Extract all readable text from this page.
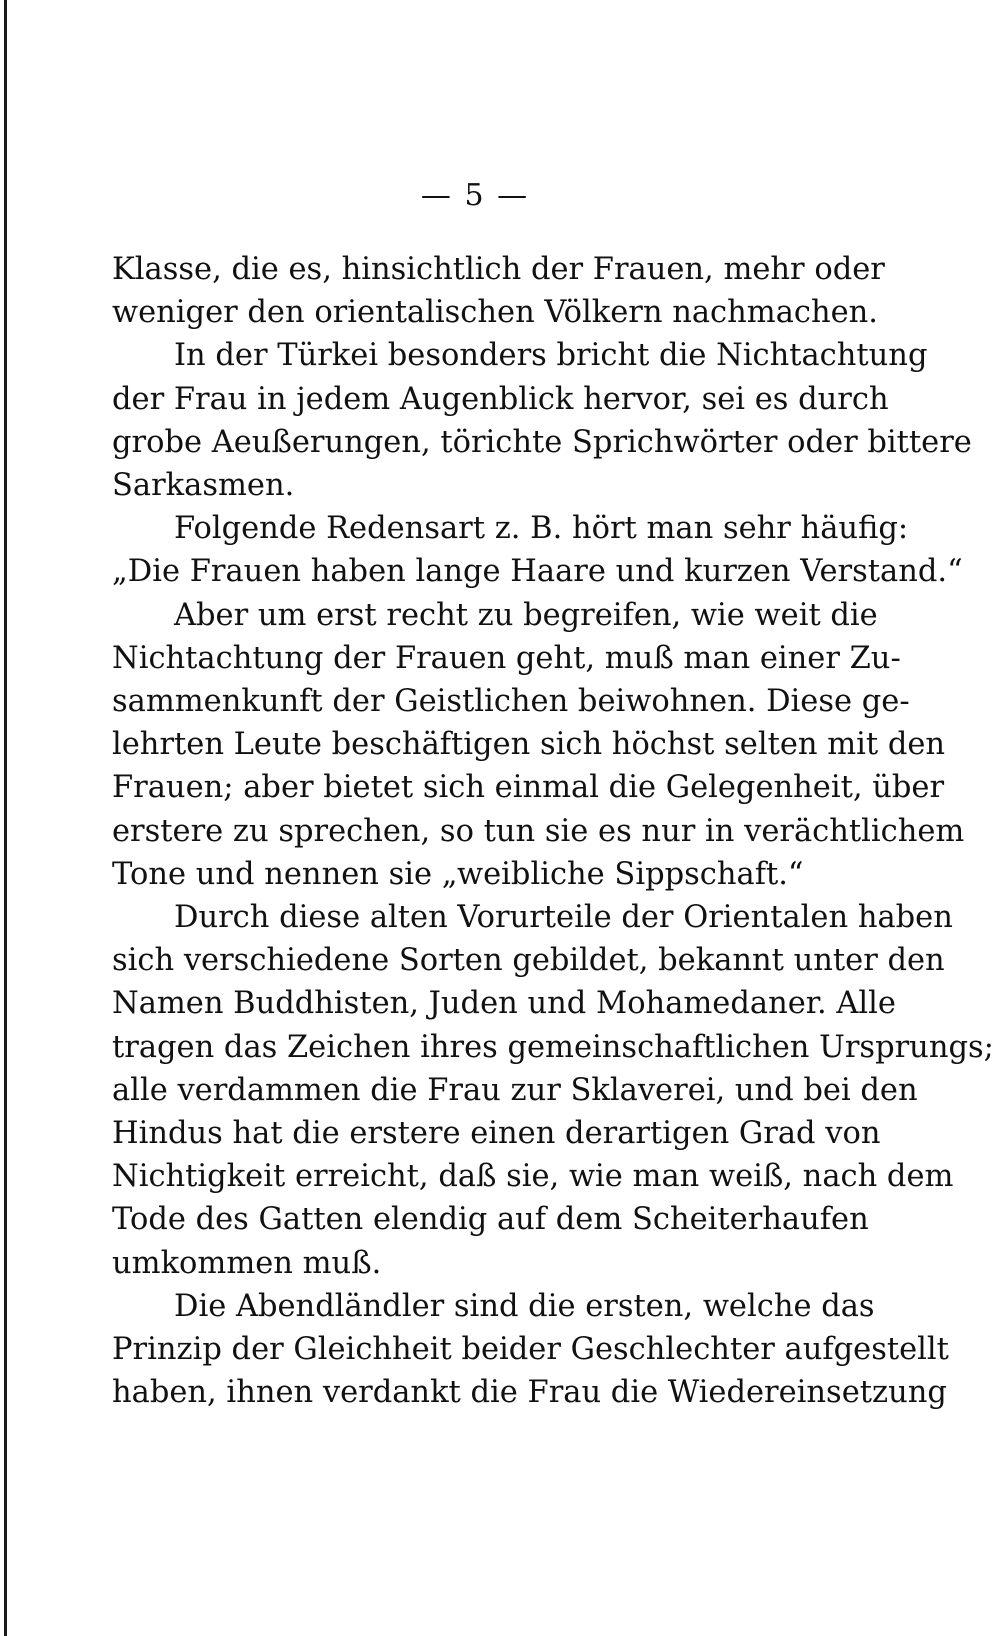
— 5 —
Klasse, die es, hinsichtlich der Frauen, mehr oder
weniger den orientalischen Völkern nachmachen.
In der Türkei besonders bricht die Nichtachtung
der Frau in jedem Augenblick hervor, sei es durch
grobe Aeußerungen, törichte Sprichwörter oder bittere
Sarkasmen.
Folgende Redensart z. B. hört man sehr häufig:
„Die Frauen haben lange Haare und kurzen Verstand.“
Aber um erst recht zu begreifen, wie weit die
Nichtachtung der Frauen geht, muß man einer Zu-
sammenkunft der Geistlichen beiwohnen. Diese ge-
lehrten Leute beschäftigen sich höchst selten mit den
Frauen; aber bietet sich einmal die Gelegenheit, über
erstere zu sprechen, so tun sie es nur in verächtlichem
Tone und nennen sie „weibliche Sippschaft.“
Durch diese alten Vorurteile der Orientalen haben
sich verschiedene Sorten gebildet, bekannt unter den
Namen Buddhisten, Juden und Mohamedaner. Alle
tragen das Zeichen ihres gemeinschaftlichen Ursprungs;
alle verdammen die Frau zur Sklaverei, und bei den
Hindus hat die erstere einen derartigen Grad von
Nichtigkeit erreicht, daß sie, wie man weiß, nach dem
Tode des Gatten elendig auf dem Scheiterhaufen
umkommen muß.
Die Abendländler sind die ersten, welche das
Prinzip der Gleichheit beider Geschlechter aufgestellt
haben, ihnen verdankt die Frau die Wiedereinsetzung
